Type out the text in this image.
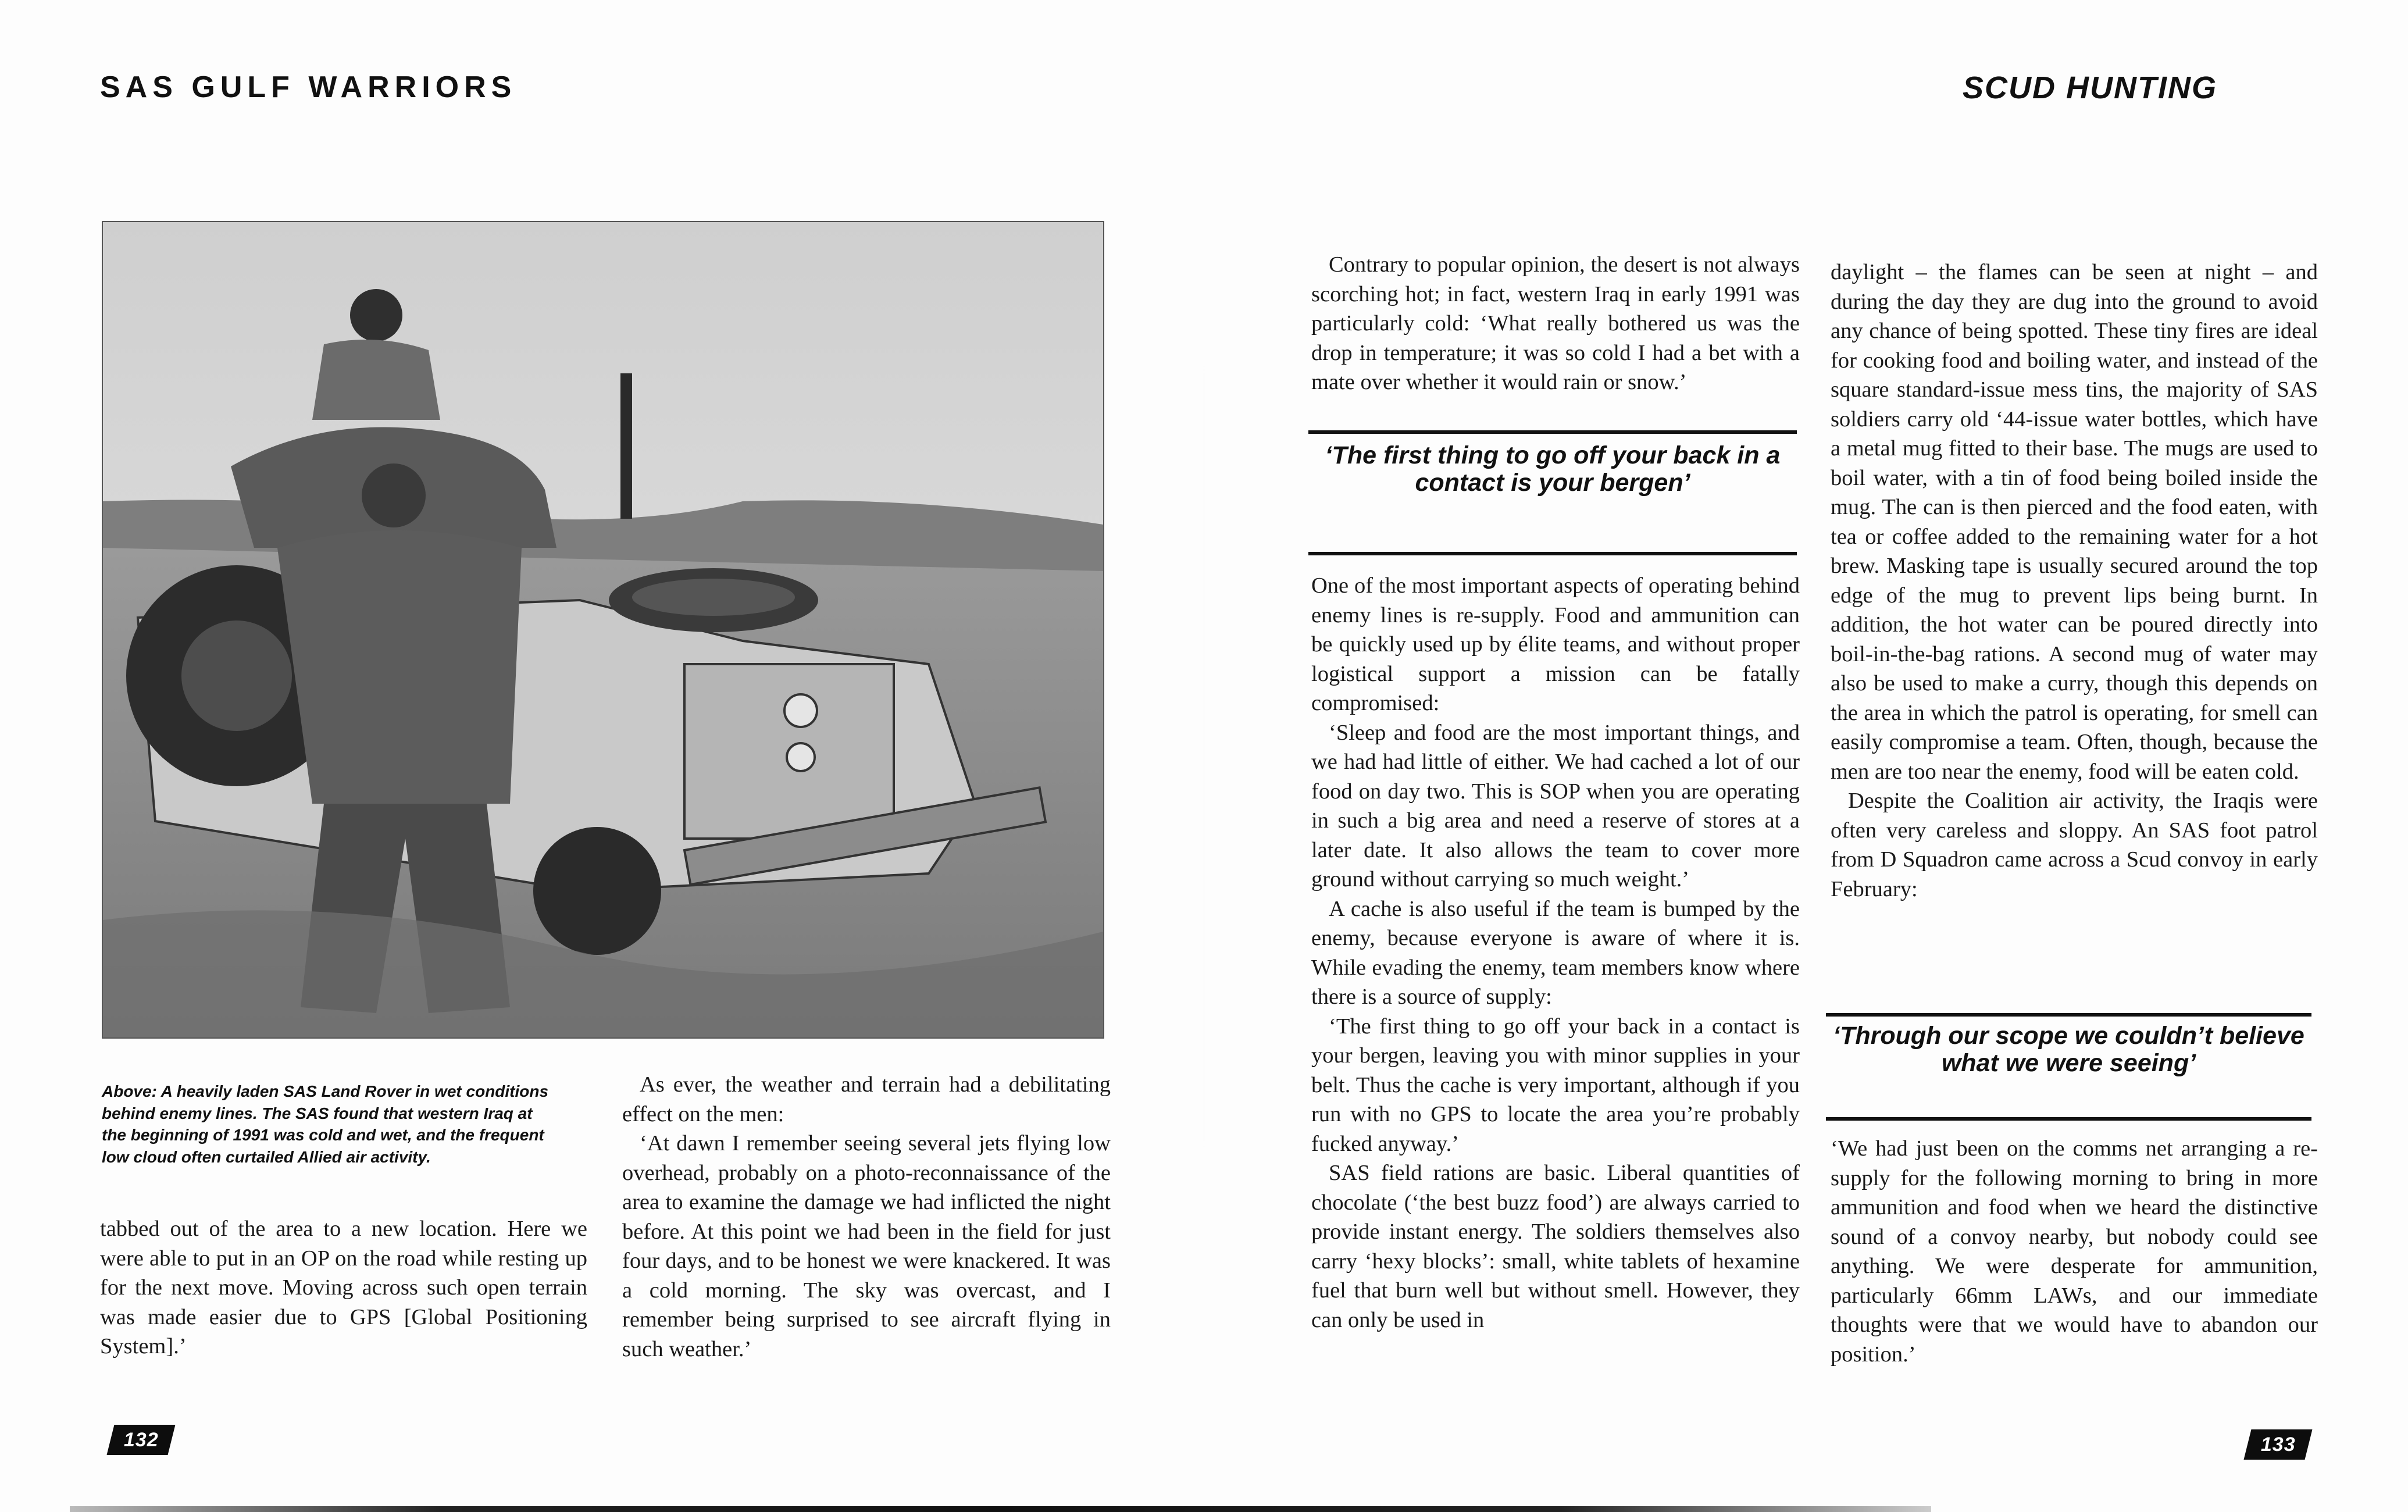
SAS GULF WARRIORS
Above: A heavily laden SAS Land Rover in wet conditions behind enemy lines. The SAS found that western Iraq at the beginning of 1991 was cold and wet, and the frequent low cloud often curtailed Allied air activity.

tabbed out of the area to a new location. Here we were able to put in an OP on the road while resting up for the next move. Moving across such open terrain was made easier due to GPS [Global Positioning System].’

As ever, the weather and terrain had a debilitating effect on the men:

‘At dawn I remember seeing several jets flying low overhead, probably on a photo-reconnaissance of the area to examine the damage we had inflicted the night before. At this point we had been in the field for just four days, and to be honest we were knackered. It was a cold morning. The sky was overcast, and I remember being surprised to see aircraft flying in such weather.’

132
SCUD HUNTING

Contrary to popular opinion, the desert is not always scorching hot; in fact, western Iraq in early 1991 was particularly cold: ‘What really bothered us was the drop in temperature; it was so cold I had a bet with a mate over whether it would rain or snow.’

‘The first thing to go off your back in a contact is your bergen’

One of the most important aspects of operating behind enemy lines is re-supply. Food and ammunition can be quickly used up by élite teams, and without proper logistical support a mission can be fatally compromised:

‘Sleep and food are the most important things, and we had had little of either. We had cached a lot of our food on day two. This is SOP when you are operating in such a big area and need a reserve of stores at a later date. It also allows the team to cover more ground without carrying so much weight.’

A cache is also useful if the team is bumped by the enemy, because everyone is aware of where it is. While evading the enemy, team members know where there is a source of supply:

‘The first thing to go off your back in a contact is your bergen, leaving you with minor supplies in your belt. Thus the cache is very important, although if you run with no GPS to locate the area you’re probably fucked anyway.’

SAS field rations are basic. Liberal quantities of chocolate (‘the best buzz food’) are always carried to provide instant energy. The soldiers themselves also carry ‘hexy blocks’: small, white tablets of hexamine fuel that burn well but without smell. However, they can only be used in

daylight – the flames can be seen at night – and during the day they are dug into the ground to avoid any chance of being spotted. These tiny fires are ideal for cooking food and boiling water, and instead of the square standard-issue mess tins, the majority of SAS soldiers carry old ‘44-issue water bottles, which have a metal mug fitted to their base. The mugs are used to boil water, with a tin of food being boiled inside the mug. The can is then pierced and the food eaten, with tea or coffee added to the remaining water for a hot brew. Masking tape is usually secured around the top edge of the mug to prevent lips being burnt. In addition, the hot water can be poured directly into boil-in-the-bag rations. A second mug of water may also be used to make a curry, though this depends on the area in which the patrol is operating, for smell can easily compromise a team. Often, though, because the men are too near the enemy, food will be eaten cold.

Despite the Coalition air activity, the Iraqis were often very careless and sloppy. An SAS foot patrol from D Squadron came across a Scud convoy in early February:

‘Through our scope we couldn’t believe what we were seeing’

‘We had just been on the comms net arranging a re-supply for the following morning to bring in more ammunition and food when we heard the distinctive sound of a convoy nearby, but nobody could see anything. We were desperate for ammunition, particularly 66mm LAWs, and our immediate thoughts were that we would have to abandon our position.’

133
